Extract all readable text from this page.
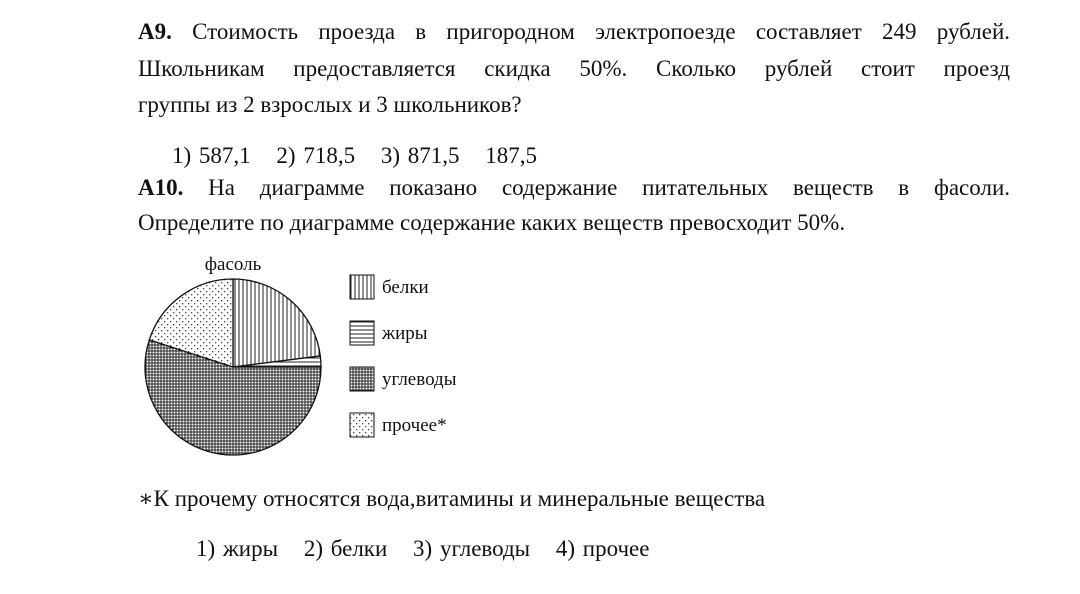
А9. Стоимость проезда в пригородном электропоезде составляет 249 рублей.
Школьникам предоставляется скидка 50%. Сколько рублей стоит проезд
группы из 2 взрослых и 3 школьников?
1) 587,1 2) 718,5 3) 871,5 187,5
А10. На диаграмме показано содержание питательных веществ в фасоли.
Определите по диаграмме содержание каких веществ превосходит 50%.
фасоль
белки
жиры
углеводы
прочее*
∗К прочему относятся вода,витамины и минеральные вещества
1) жиры 2) белки 3) углеводы 4) прочее
